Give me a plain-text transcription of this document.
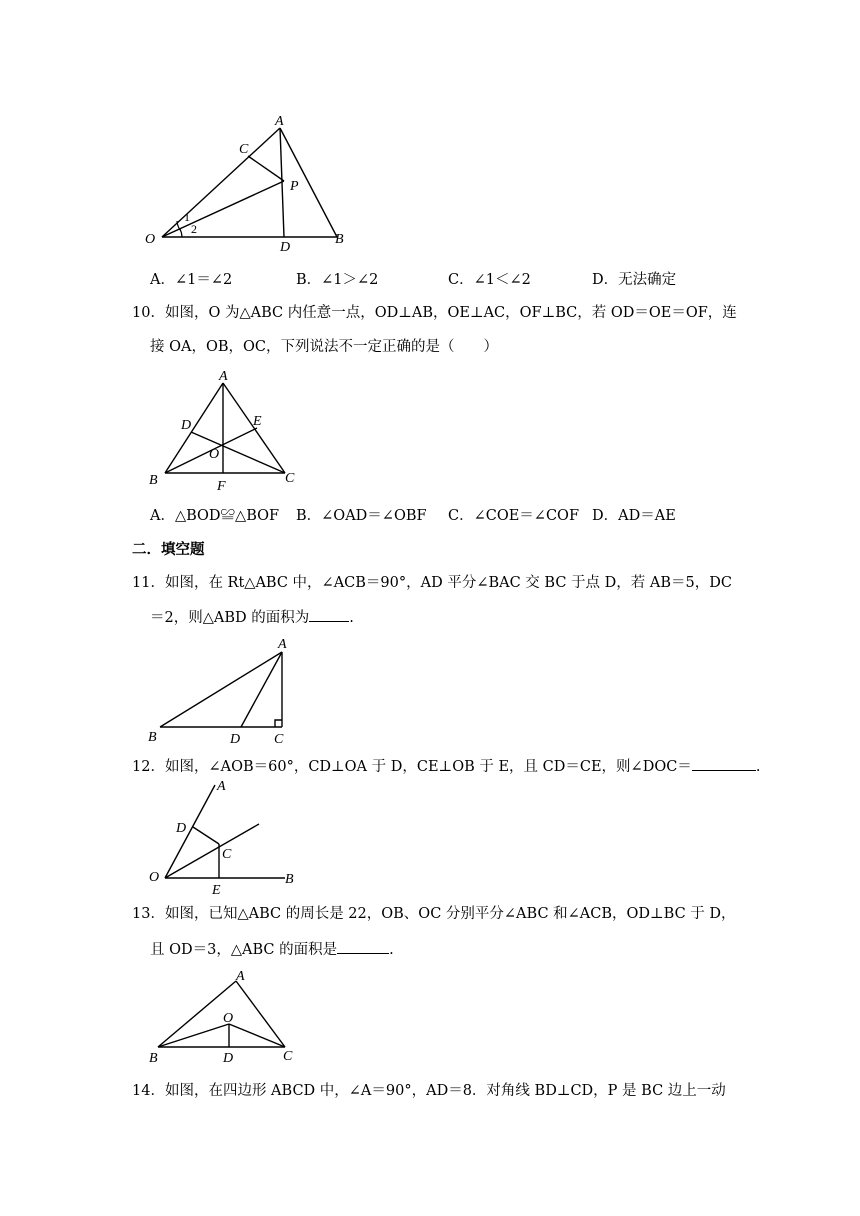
A
C
P
O
D
B
1
2
A．∠1＝∠2	B．∠1＞∠2	C．∠1＜∠2	D．无法确定
10．如图，O 为△ABC 内任意一点，OD⊥AB，OE⊥AC，OF⊥BC，若 OD＝OE＝OF，连
接 OA，OB，OC，下列说法不一定正确的是（　　）
A
D	E
O
B	F
C
A．△BOD≌△BOF B．∠OAD＝∠OBF C．∠COE＝∠COF D．AD＝AE
二．填空题
11．如图，在 Rt△ABC 中，∠ACB＝90°，AD 平分∠BAC 交 BC 于点 D，若 AB＝5，DC
＝2，则△ABD 的面积为	.
A
B	D C
12．如图，∠AOB＝60°，CD⊥OA 于 D，CE⊥OB 于 E，且 CD＝CE，则∠DOC＝	.
A
D
C
O
E
B
13．如图，已知△ABC 的周长是 22，OB、OC 分别平分∠ABC 和∠ACB，OD⊥BC 于 D，
且 OD＝3，△ABC 的面积是	.
A
O
B	D	C
14．如图，在四边形 ABCD 中，∠A＝90°，AD＝8．对角线 BD⊥CD，P 是 BC 边上一动
